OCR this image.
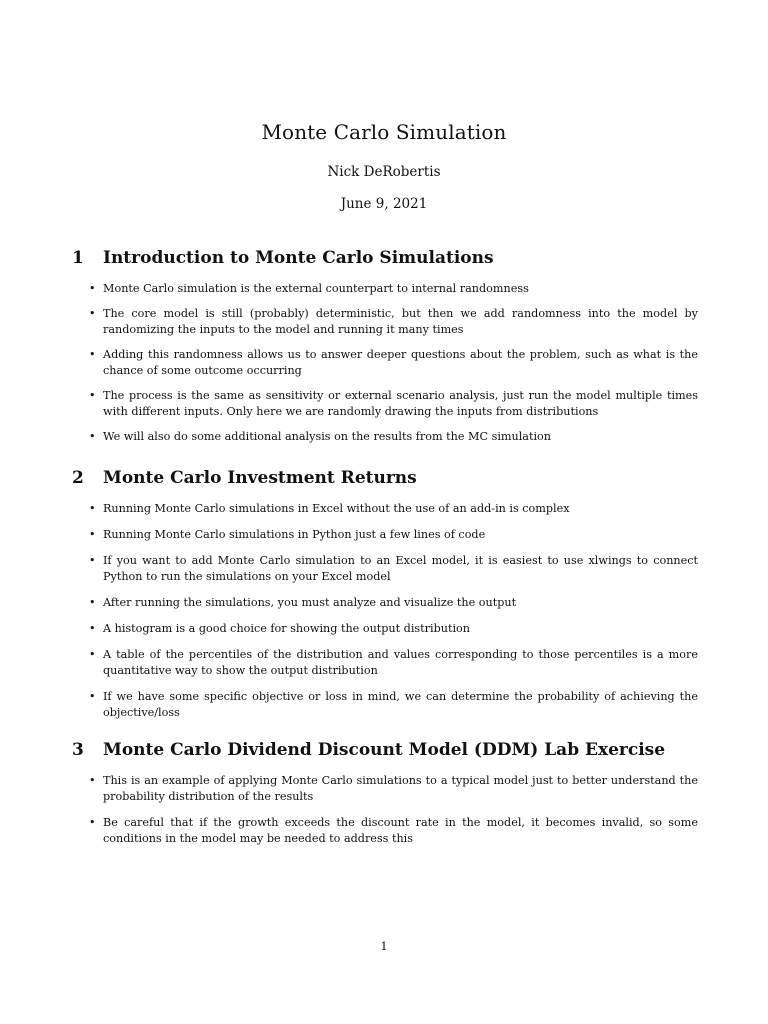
Monte Carlo Simulation

Nick DeRobertis

June 9, 2021

1	Introduction to Monte Carlo Simulations
• Monte Carlo simulation is the external counterpart to internal randomness
• The core model is still (probably) deterministic, but then we add randomness into the model by randomizing the inputs to the model and running it many times
• Adding this randomness allows us to answer deeper questions about the problem, such as what is the chance of some outcome occurring
• The process is the same as sensitivity or external scenario analysis, just run the model multiple times with different inputs. Only here we are randomly drawing the inputs from distributions
• We will also do some additional analysis on the results from the MC simulation
2	Monte Carlo Investment Returns
• Running Monte Carlo simulations in Excel without the use of an add-in is complex
• Running Monte Carlo simulations in Python just a few lines of code
• If you want to add Monte Carlo simulation to an Excel model, it is easiest to use xlwings to connect Python to run the simulations on your Excel model
• After running the simulations, you must analyze and visualize the output
• A histogram is a good choice for showing the output distribution
• A table of the percentiles of the distribution and values corresponding to those percentiles is a more quantitative way to show the output distribution
• If we have some specific objective or loss in mind, we can determine the probability of achieving the objective/loss
3	Monte Carlo Dividend Discount Model (DDM) Lab Exercise
• This is an example of applying Monte Carlo simulations to a typical model just to better understand the probability distribution of the results
• Be careful that if the growth exceeds the discount rate in the model, it becomes invalid, so some conditions in the model may be needed to address this

1
